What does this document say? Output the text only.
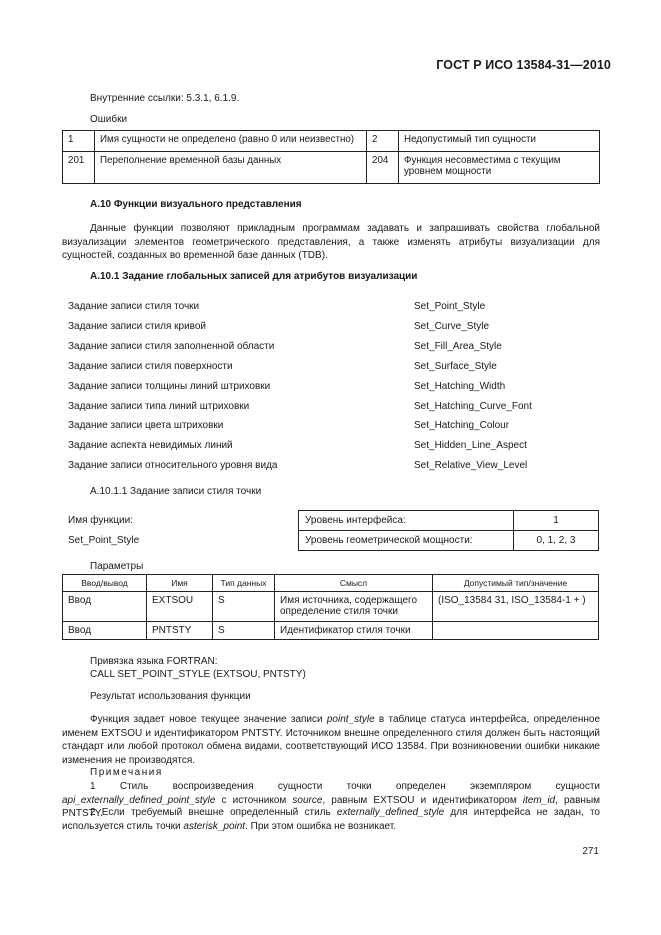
ГОСТ Р ИСО 13584-31—2010
Внутренние ссылки: 5.3.1, 6.1.9.
Ошибки
1	Имя сущности не определено (равно 0 или неизвестно)	2	Недопустимый тип сущности
201	Переполнение временной базы данных	204	Функция несовместима с текущим уровнем мощности
А.10 Функции визуального представления
Данные функции позволяют прикладным программам задавать и запрашивать свойства глобальной визуализации элементов геометрического представления, а также изменять атрибуты визуализации для сущностей, созданных во временной базе данных (TDB).
А.10.1 Задание глобальных записей для атрибутов визуализации
Задание записи стиля точки	Set_Point_Style
Задание записи стиля кривой	Set_Curve_Style
Задание записи стиля заполненной области	Set_Fill_Area_Style
Задание записи стиля поверхности	Set_Surface_Style
Задание записи толщины линий штриховки	Set_Hatching_Width
Задание записи типа линий штриховки	Set_Hatching_Curve_Font
Задание записи цвета штриховки	Set_Hatching_Colour
Задание аспекта невидимых линий	Set_Hidden_Line_Aspect
Задание записи относительного уровня вида	Set_Relative_View_Level
А.10.1.1 Задание записи стиля точки
Имя функции:
Set_Point_Style
Уровень интерфейса:	1
Уровень геометрической мощности:	0, 1, 2, 3
Параметры
Ввод/вывод	Имя	Тип данных	Смысл	Допустимый тип/значение
Ввод	EXTSOU	S	Имя источника, содержащего определение стиля точки	(ISO_13584 31, ISO_13584-1 + )
Ввод	PNTSTY	S	Идентификатор стиля точки	
Привязка языка FORTRAN:
CALL SET_POINT_STYLE (EXTSOU, PNTSTY)
Результат использования функции
Функция задает новое текущее значение записи point_style в таблице статуса интерфейса, определенное именем EXTSOU и идентификатором PNTSTY. Источником внешне определенного стиля должен быть настоящий стандарт или любой протокол обмена видами, соответствующий ИСО 13584. При возникновении ошибки никакие изменения не производятся.
Примечания
1 Стиль воспроизведения сущности точки определен экземпляром сущности api_externally_defined_point_style с источником source, равным EXTSOU и идентификатором item_id, равным PNTSTY.
2 Если требуемый внешне определенный стиль externally_defined_style для интерфейса не задан, то используется стиль точки asterisk_point. При этом ошибка не возникает.
271
